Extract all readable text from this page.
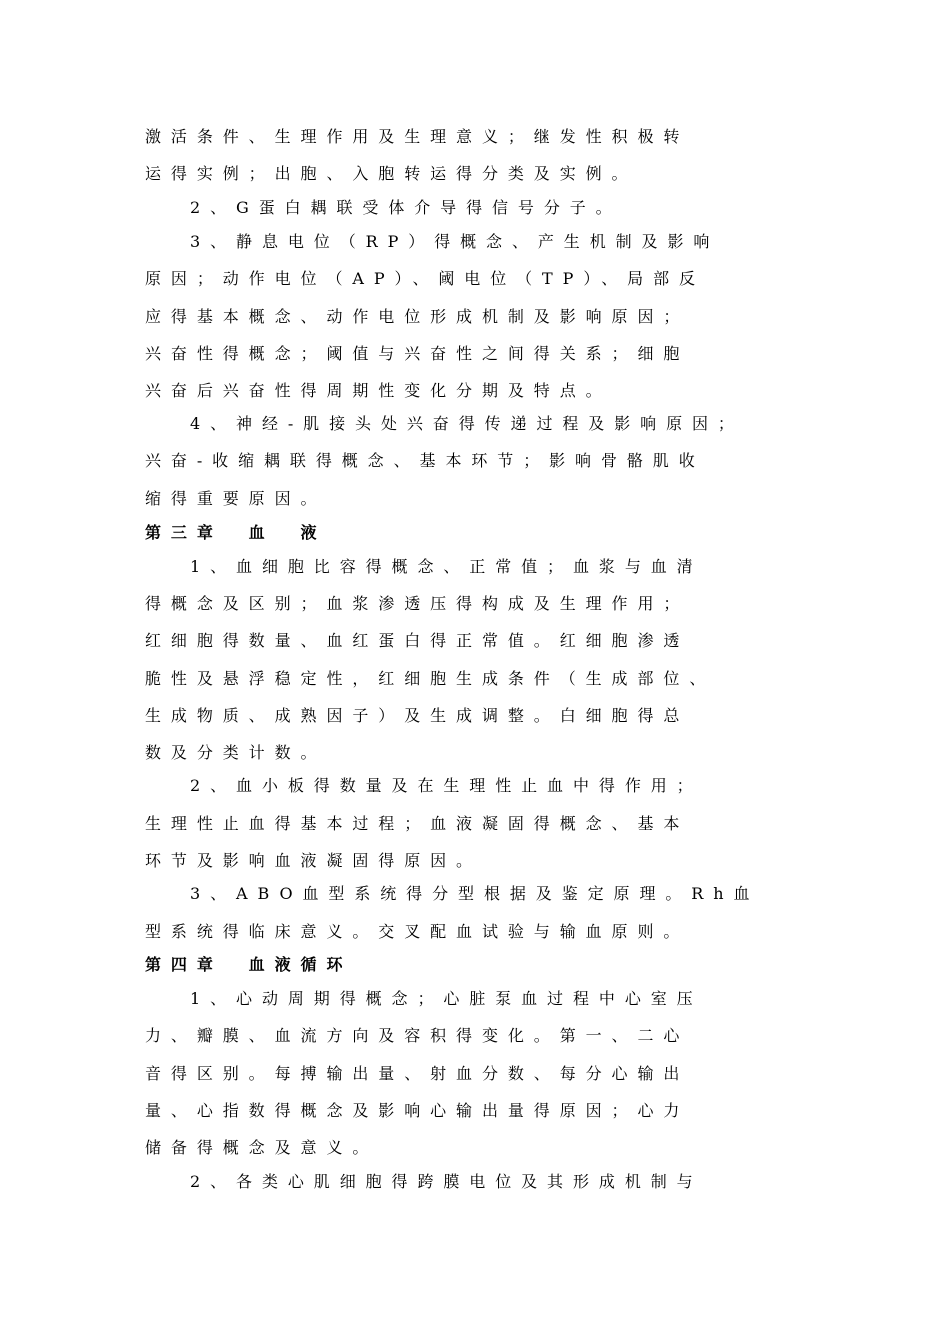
激活条件、生理作用及生理意义；继发性积极转
运得实例；出胞、入胞转运得分类及实例。
2、G蛋白耦联受体介导得信号分子。
3、静息电位（RP）得概念、产生机制及影响
原因；动作电位（AP）、阈电位（TP）、局部反
应得基本概念、动作电位形成机制及影响原因；
兴奋性得概念；阈值与兴奋性之间得关系；细胞
兴奋后兴奋性得周期性变化分期及特点。
4、神经-肌接头处兴奋得传递过程及影响原因；
兴奋-收缩耦联得概念、基本环节；影响骨骼肌收
缩得重要原因。
第三章　血　液
1、血细胞比容得概念、正常值；血浆与血清
得概念及区别；血浆渗透压得构成及生理作用；
红细胞得数量、血红蛋白得正常值。红细胞渗透
脆性及悬浮稳定性，红细胞生成条件（生成部位、
生成物质、成熟因子）及生成调整。白细胞得总
数及分类计数。
2、血小板得数量及在生理性止血中得作用；
生理性止血得基本过程；血液凝固得概念、基本
环节及影响血液凝固得原因。
3、ABO血型系统得分型根据及鉴定原理。Rh血
型系统得临床意义。交叉配血试验与输血原则。
第四章　血液循环
1、心动周期得概念；心脏泵血过程中心室压
力、瓣膜、血流方向及容积得变化。第一、二心
音得区别。每搏输出量、射血分数、每分心输出
量、心指数得概念及影响心输出量得原因；心力
储备得概念及意义。
2、各类心肌细胞得跨膜电位及其形成机制与
